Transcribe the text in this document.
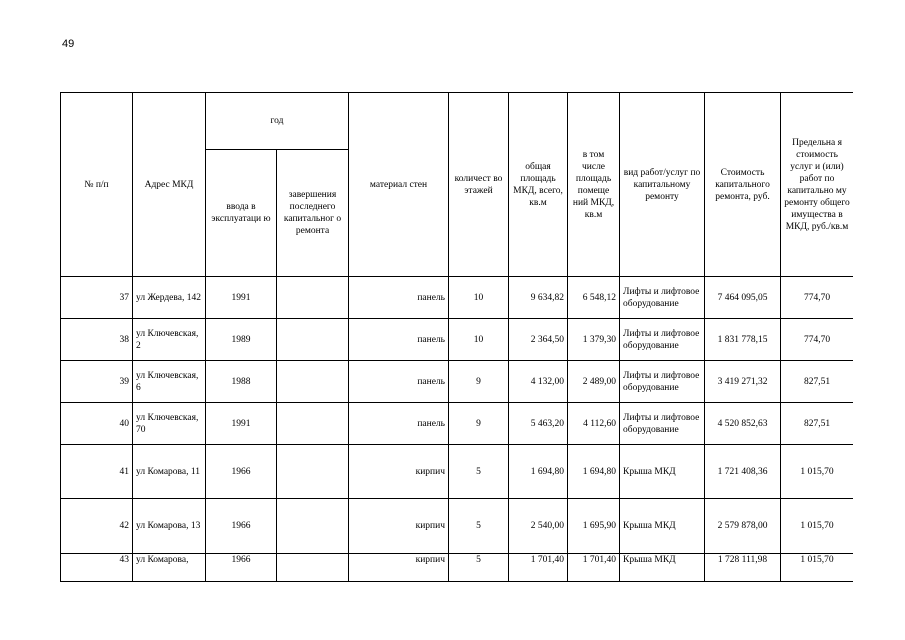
49
№ п/п	Адрес МКД	год		материал стен	количест во этажей	общая площадь МКД, всего, кв.м	в том числе площадь помеще ний МКД, кв.м	вид работ/услуг по капитальному ремонту	Стоимость капитального ремонта, руб.	Предельна я стоимость услуг и (или) работ по капитально му ремонту общего имущества в МКД, руб./кв.м
		ввода в эксплуатаци ю	завершения последнего капитальног о ремонта							
37	ул Жердева, 142	1991		панель	10	9 634,82	6 548,12	Лифты и лифтовое оборудование	7 464 095,05	774,70
38	ул Ключевская, 2	1989		панель	10	2 364,50	1 379,30	Лифты и лифтовое оборудование	1 831 778,15	774,70
39	ул Ключевская, 6	1988		панель	9	4 132,00	2 489,00	Лифты и лифтовое оборудование	3 419 271,32	827,51
40	ул Ключевская, 70	1991		панель	9	5 463,20	4 112,60	Лифты и лифтовое оборудование	4 520 852,63	827,51
41	ул Комарова, 11	1966		кирпич	5	1 694,80	1 694,80	Крыша МКД	1 721 408,36	1 015,70
42	ул Комарова, 13	1966		кирпич	5	2 540,00	1 695,90	Крыша МКД	2 579 878,00	1 015,70
43	ул Комарова,	1966		кирпич	5	1 701,40	1 701,40	Крыша МКД	1 728 111,98	1 015,70
